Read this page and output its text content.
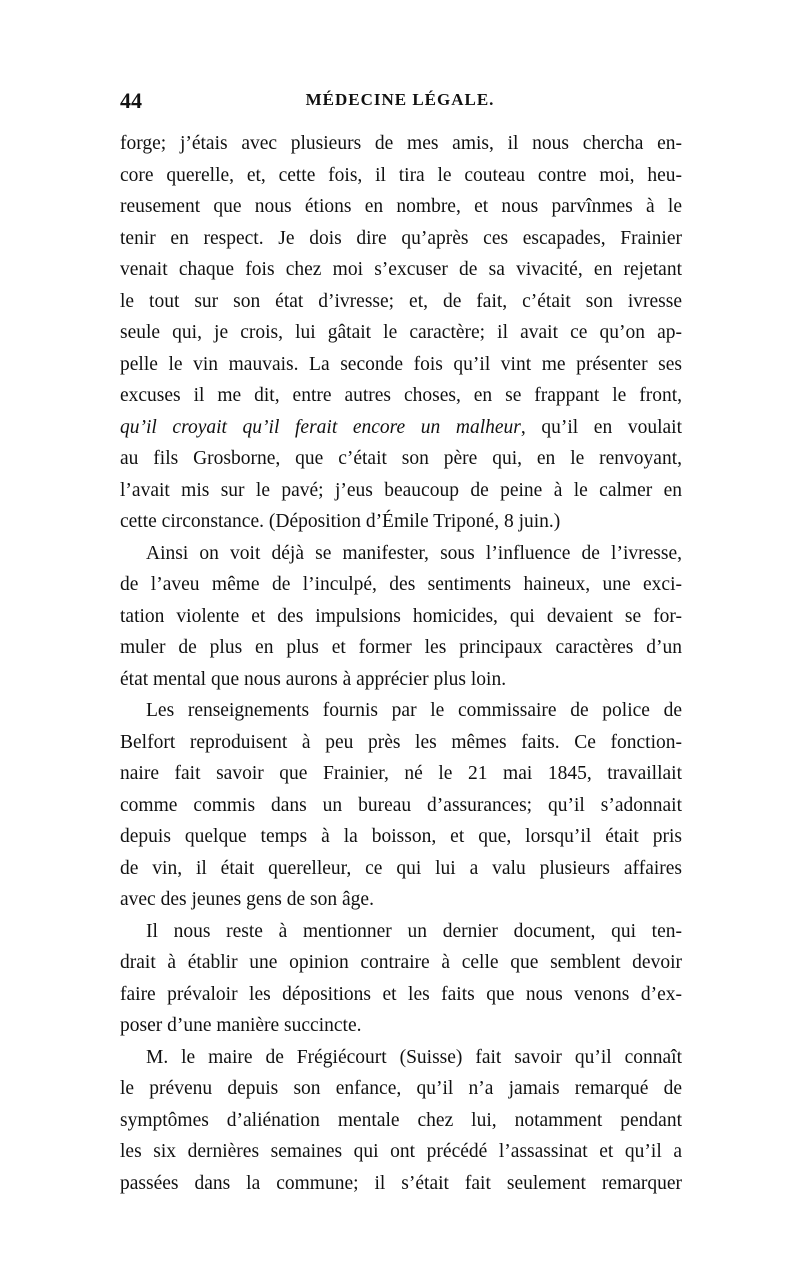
44	MÉDECINE LÉGALE.
forge; j’étais avec plusieurs de mes amis, il nous chercha en-
core querelle, et, cette fois, il tira le couteau contre moi, heu-
reusement que nous étions en nombre, et nous parvînmes à le
tenir en respect. Je dois dire qu’après ces escapades, Frainier
venait chaque fois chez moi s’excuser de sa vivacité, en rejetant
le tout sur son état d’ivresse; et, de fait, c’était son ivresse
seule qui, je crois, lui gâtait le caractère; il avait ce qu’on ap-
pelle le vin mauvais. La seconde fois qu’il vint me présenter ses
excuses il me dit, entre autres choses, en se frappant le front,
qu’il croyait qu’il ferait encore un malheur, qu’il en voulait
au fils Grosborne, que c’était son père qui, en le renvoyant,
l’avait mis sur le pavé; j’eus beaucoup de peine à le calmer en
cette circonstance. (Déposition d’Émile Triponé, 8 juin.)
Ainsi on voit déjà se manifester, sous l’influence de l’ivresse,
de l’aveu même de l’inculpé, des sentiments haineux, une exci-
tation violente et des impulsions homicides, qui devaient se for-
muler de plus en plus et former les principaux caractères d’un
état mental que nous aurons à apprécier plus loin.
Les renseignements fournis par le commissaire de police de
Belfort reproduisent à peu près les mêmes faits. Ce fonction-
naire fait savoir que Frainier, né le 21 mai 1845, travaillait
comme commis dans un bureau d’assurances; qu’il s’adonnait
depuis quelque temps à la boisson, et que, lorsqu’il était pris
de vin, il était querelleur, ce qui lui a valu plusieurs affaires
avec des jeunes gens de son âge.
Il nous reste à mentionner un dernier document, qui ten-
drait à établir une opinion contraire à celle que semblent devoir
faire prévaloir les dépositions et les faits que nous venons d’ex-
poser d’une manière succincte.
M. le maire de Frégiécourt (Suisse) fait savoir qu’il connaît
le prévenu depuis son enfance, qu’il n’a jamais remarqué de
symptômes d’aliénation mentale chez lui, notamment pendant
les six dernières semaines qui ont précédé l’assassinat et qu’il a
passées dans la commune; il s’était fait seulement remarquer
